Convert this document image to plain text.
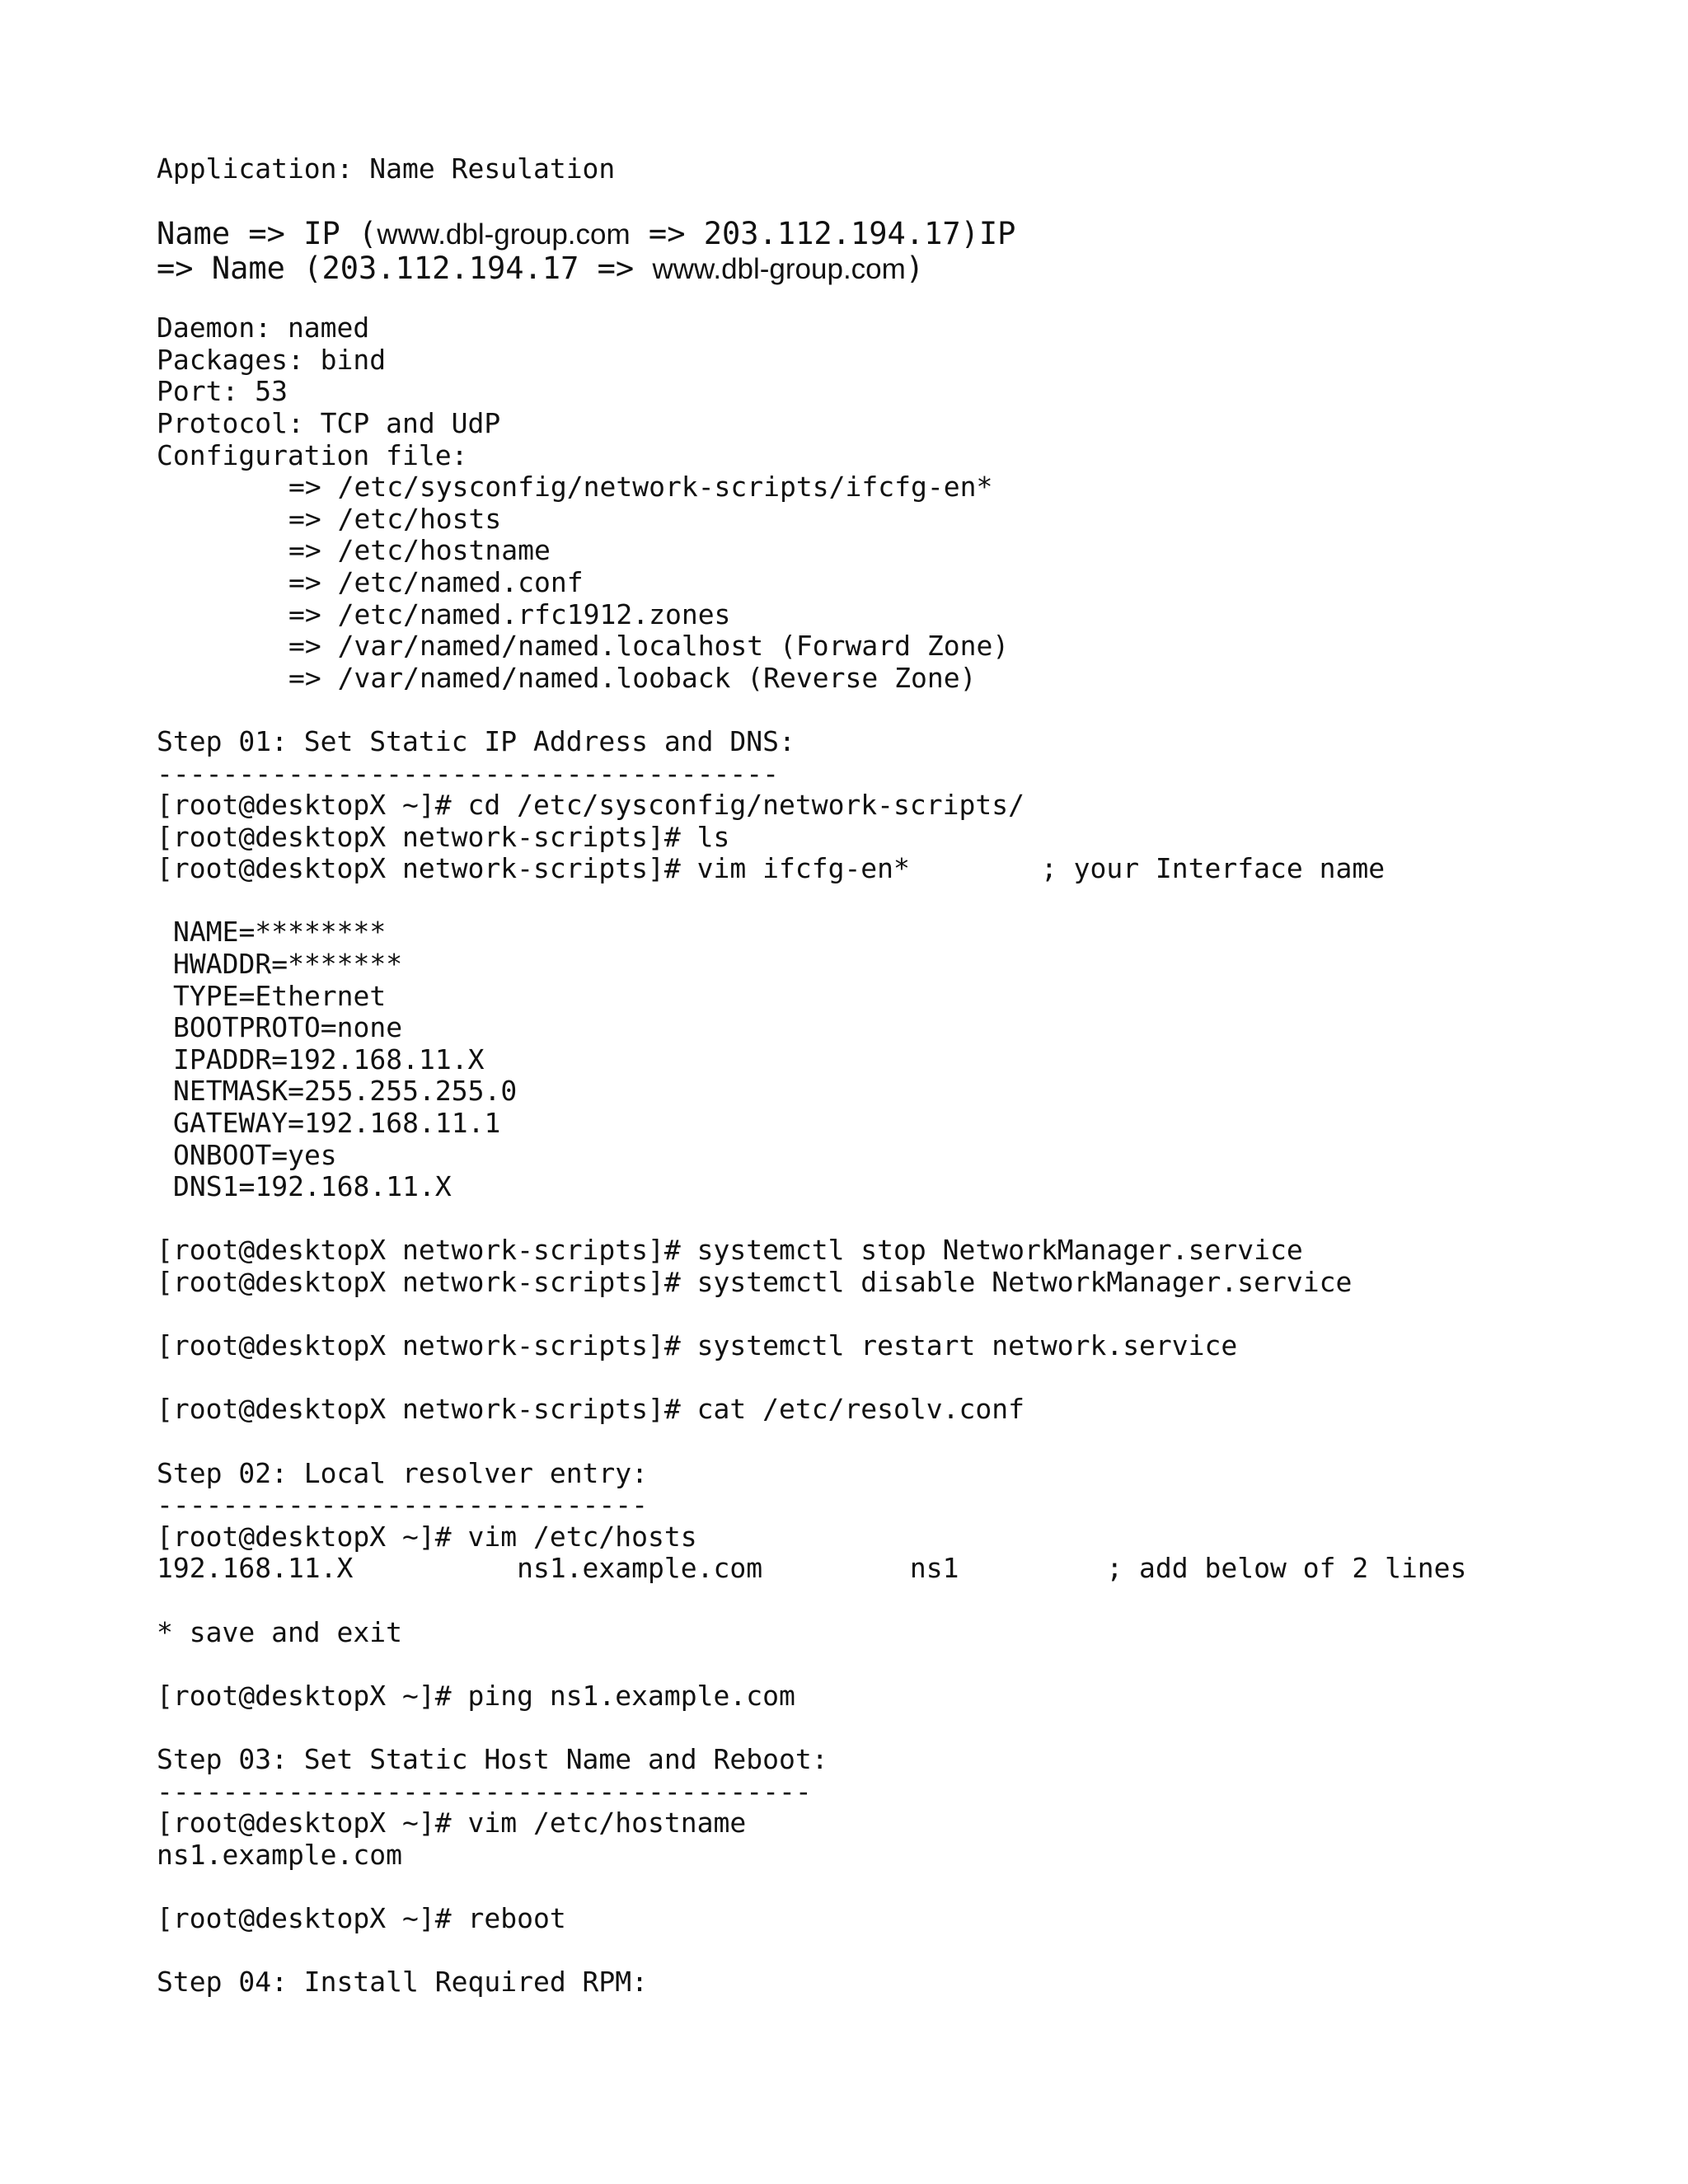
Application: Name Resulation
Name => IP (www.dbl-group.com => 203.112.194.17)IP
=> Name (203.112.194.17 => www.dbl-group.com)
Daemon: named
Packages: bind
Port: 53
Protocol: TCP and UdP
Configuration file:
=> /etc/sysconfig/network-scripts/ifcfg-en*
=> /etc/hosts
=> /etc/hostname
=> /etc/named.conf
=> /etc/named.rfc1912.zones
=> /var/named/named.localhost (Forward Zone)
=> /var/named/named.looback (Reverse Zone)
Step 01: Set Static IP Address and DNS:
--------------------------------------
[root@desktopX ~]# cd /etc/sysconfig/network-scripts/
[root@desktopX network-scripts]# ls
[root@desktopX network-scripts]# vim ifcfg-en*        ; your Interface name
NAME=********
HWADDR=*******
TYPE=Ethernet
BOOTPROTO=none
IPADDR=192.168.11.X
NETMASK=255.255.255.0
GATEWAY=192.168.11.1
ONBOOT=yes
DNS1=192.168.11.X
[root@desktopX network-scripts]# systemctl stop NetworkManager.service
[root@desktopX network-scripts]# systemctl disable NetworkManager.service
[root@desktopX network-scripts]# systemctl restart network.service
[root@desktopX network-scripts]# cat /etc/resolv.conf
Step 02: Local resolver entry:
------------------------------
[root@desktopX ~]# vim /etc/hosts
192.168.11.X          ns1.example.com         ns1         ; add below of 2 lines
* save and exit
[root@desktopX ~]# ping ns1.example.com
Step 03: Set Static Host Name and Reboot:
----------------------------------------
[root@desktopX ~]# vim /etc/hostname
ns1.example.com
[root@desktopX ~]# reboot
Step 04: Install Required RPM:
